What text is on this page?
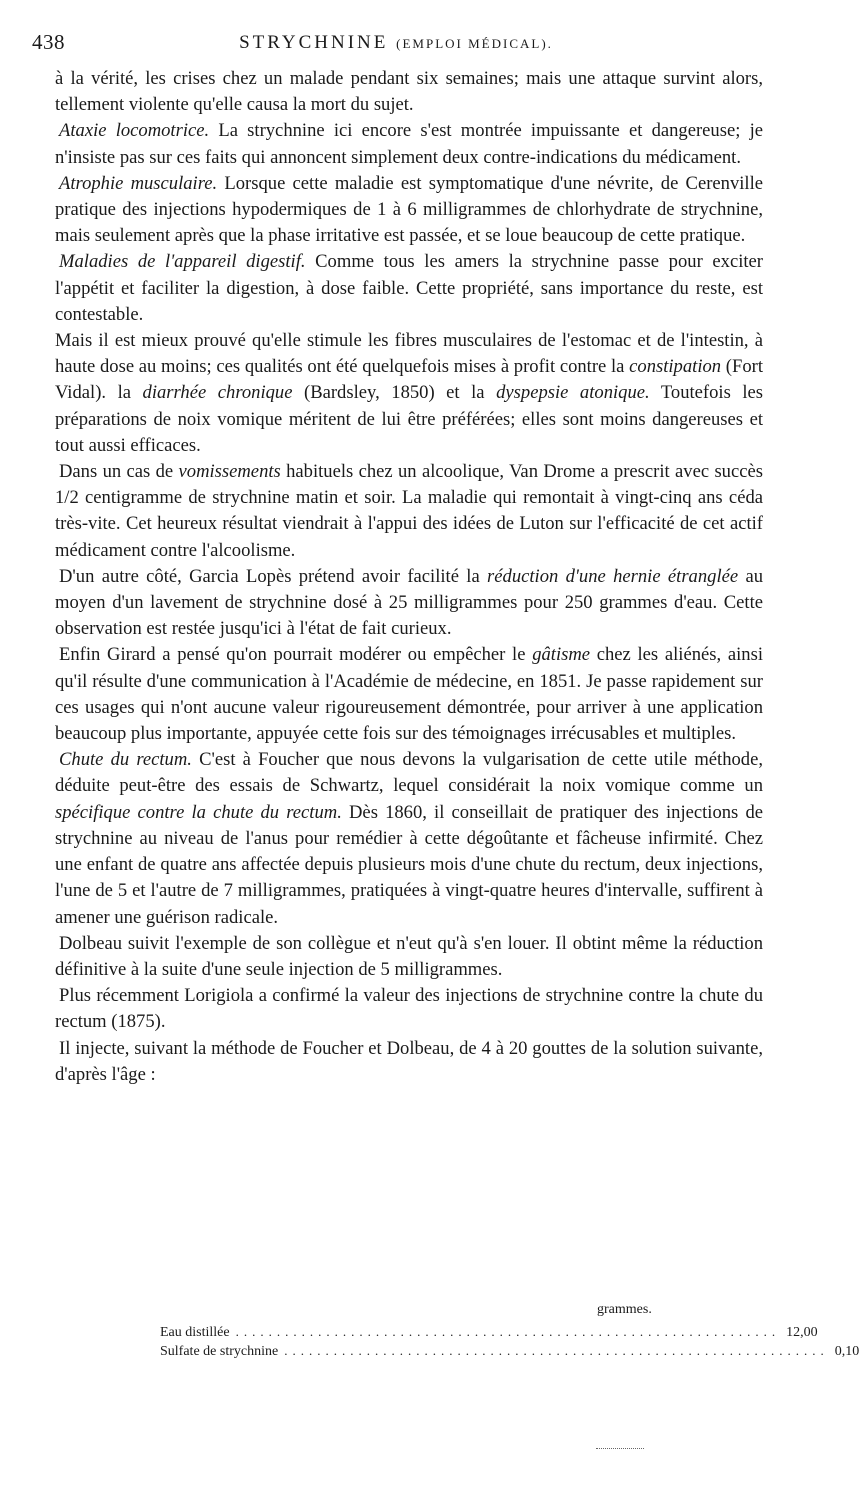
438	STRYCHNINE (EMPLOI MÉDICAL).

à la vérité, les crises chez un malade pendant six semaines; mais une attaque survint alors, tellement violente qu'elle causa la mort du sujet.

Ataxie locomotrice. La strychnine ici encore s'est montrée impuissante et dangereuse; je n'insiste pas sur ces faits qui annoncent simplement deux contre-indications du médicament.

Atrophie musculaire. Lorsque cette maladie est symptomatique d'une névrite, de Cerenville pratique des injections hypodermiques de 1 à 6 milligrammes de chlorhydrate de strychnine, mais seulement après que la phase irritative est passée, et se loue beaucoup de cette pratique.

Maladies de l'appareil digestif. Comme tous les amers la strychnine passe pour exciter l'appétit et faciliter la digestion, à dose faible. Cette propriété, sans importance du reste, est contestable.

Mais il est mieux prouvé qu'elle stimule les fibres musculaires de l'estomac et de l'intestin, à haute dose au moins; ces qualités ont été quelquefois mises à profit contre la constipation (Fort Vidal). la diarrhée chronique (Bardsley, 1850) et la dyspepsie atonique. Toutefois les préparations de noix vomique méritent de lui être préférées; elles sont moins dangereuses et tout aussi efficaces.

Dans un cas de vomissements habituels chez un alcoolique, Van Drome a prescrit avec succès 1/2 centigramme de strychnine matin et soir. La maladie qui remontait à vingt-cinq ans céda très-vite. Cet heureux résultat viendrait à l'appui des idées de Luton sur l'efficacité de cet actif médicament contre l'alcoolisme.

D'un autre côté, Garcia Lopès prétend avoir facilité la réduction d'une hernie étranglée au moyen d'un lavement de strychnine dosé à 25 milligrammes pour 250 grammes d'eau. Cette observation est restée jusqu'ici à l'état de fait curieux.

Enfin Girard a pensé qu'on pourrait modérer ou empêcher le gâtisme chez les aliénés, ainsi qu'il résulte d'une communication à l'Académie de médecine, en 1851. Je passe rapidement sur ces usages qui n'ont aucune valeur rigoureusement démontrée, pour arriver à une application beaucoup plus importante, appuyée cette fois sur des témoignages irrécusables et multiples.

Chute du rectum. C'est à Foucher que nous devons la vulgarisation de cette utile méthode, déduite peut-être des essais de Schwartz, lequel considérait la noix vomique comme un spécifique contre la chute du rectum. Dès 1860, il conseillait de pratiquer des injections de strychnine au niveau de l'anus pour remédier à cette dégoûtante et fâcheuse infirmité. Chez une enfant de quatre ans affectée depuis plusieurs mois d'une chute du rectum, deux injections, l'une de 5 et l'autre de 7 milligrammes, pratiquées à vingt-quatre heures d'intervalle, suffirent à amener une guérison radicale.

Dolbeau suivit l'exemple de son collègue et n'eut qu'à s'en louer. Il obtint même la réduction définitive à la suite d'une seule injection de 5 milligrammes.

Plus récemment Lorigiola a confirmé la valeur des injections de strychnine contre la chute du rectum (1875).

Il injecte, suivant la méthode de Foucher et Dolbeau, de 4 à 20 gouttes de la solution suivante, d'après l'âge :

grammes.
Eau distillée .................................................................. 12,00
Sulfate de strychnine .................................................................. 0,10
